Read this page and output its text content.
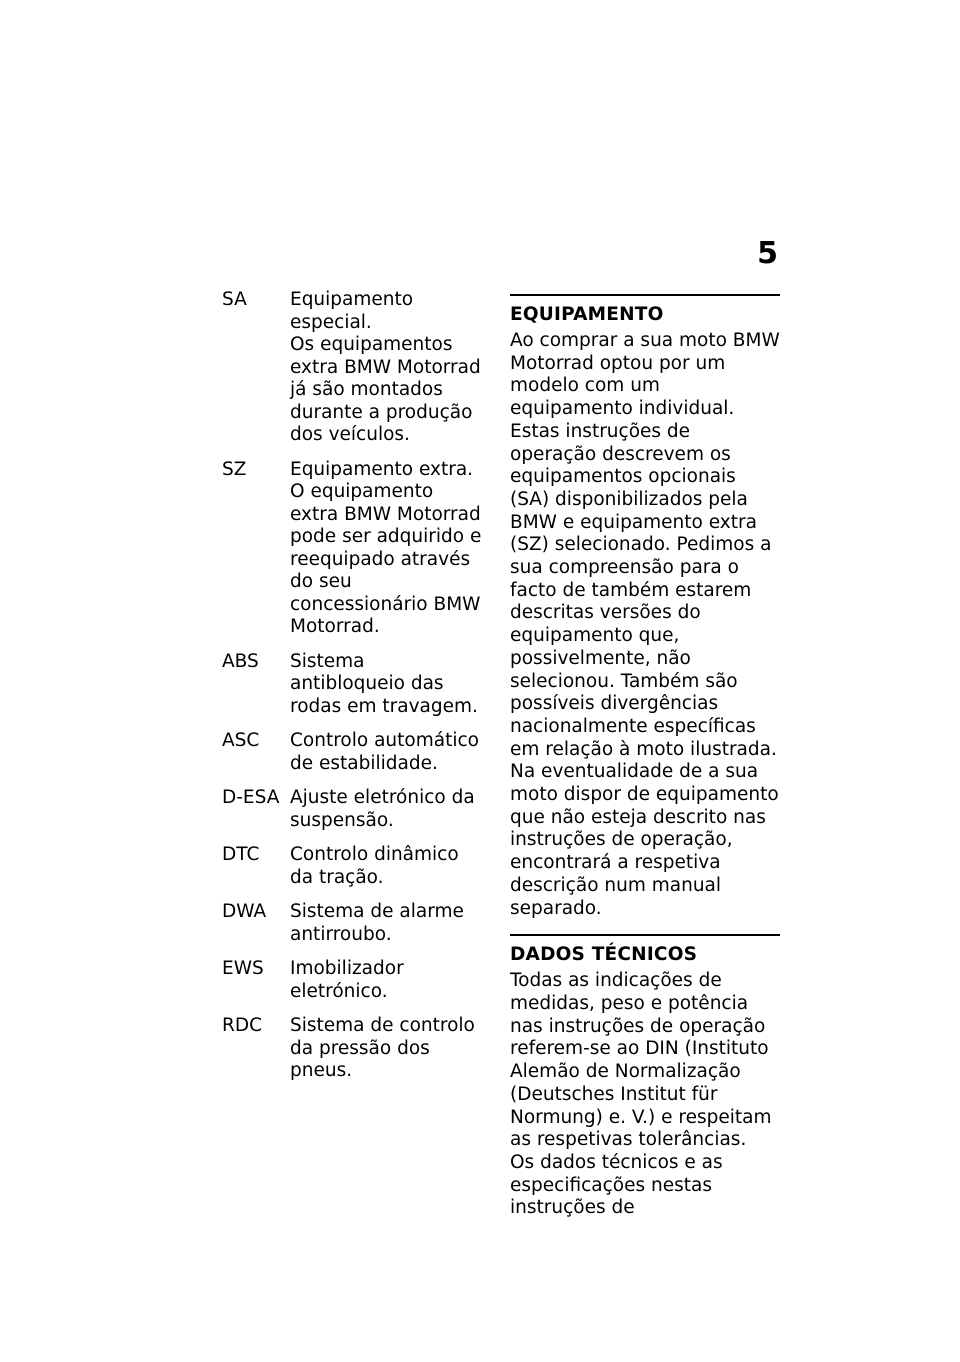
5
SA	Equipamento especial.
Os equipamentos extra BMW Motorrad já são montados durante a produção dos veículos.
SZ	Equipamento extra.
O equipamento extra BMW Motorrad pode ser adquirido e reequipado através do seu concessionário BMW Motorrad.
ABS	Sistema antibloqueio das rodas em travagem.
ASC	Controlo automático de estabilidade.
D-ESA Ajuste eletrónico da suspensão.
DTC	Controlo dinâmico da tração.
DWA	Sistema de alarme antirroubo.
EWS	Imobilizador eletrónico.
RDC	Sistema de controlo da pressão dos pneus.
EQUIPAMENTO

Ao comprar a sua moto BMW Motorrad optou por um modelo com um equipamento individual. Estas instruções de operação descrevem os equipamentos opcionais (SA) disponibilizados pela BMW e equipamento extra (SZ) selecionado. Pedimos a sua compreensão para o facto de também estarem descritas versões do equipamento que, possivelmente, não selecionou. Também são possíveis divergências nacionalmente específicas em relação à moto ilustrada.

Na eventualidade de a sua moto dispor de equipamento que não esteja descrito nas instruções de operação, encontrará a respetiva descrição num manual separado.

DADOS TÉCNICOS

Todas as indicações de medidas, peso e potência nas instruções de operação referem-se ao DIN (Instituto Alemão de Normalização (Deutsches Institut für Normung) e. V.) e respeitam as respetivas tolerâncias.

Os dados técnicos e as especificações nestas instruções de
